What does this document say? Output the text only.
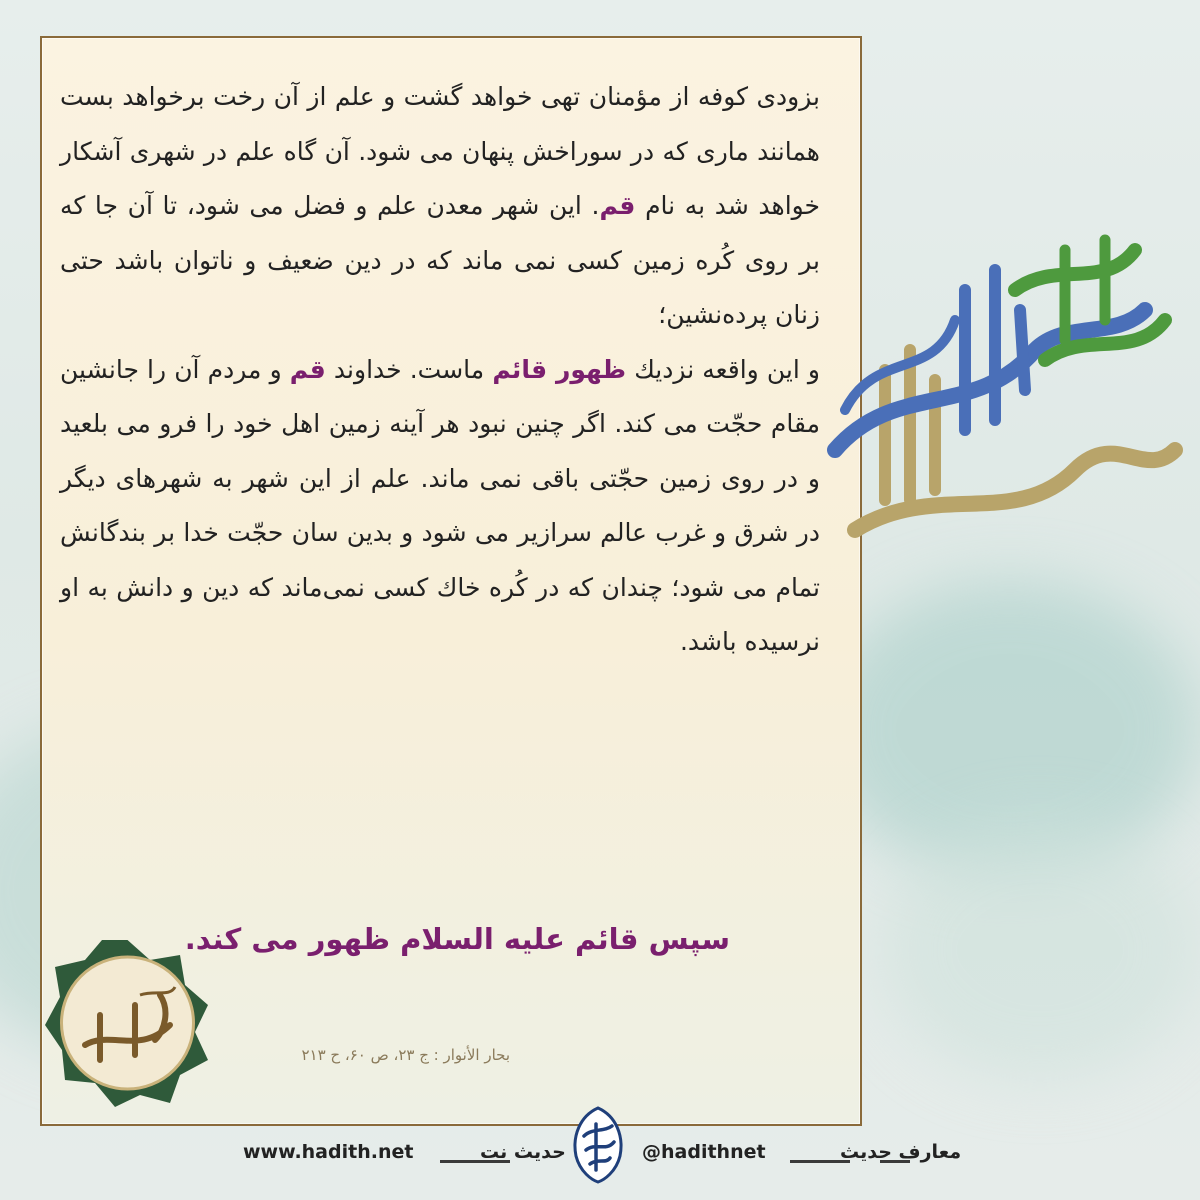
بزودی کوفه از مؤمنان تهی خواهد گشت و علم از آن رخت برخواهد بست همانند ماری که در سوراخش پنهان می شود. آن گاه علم در شهری آشکار خواهد شد به نام قم. این شهر معدن علم و فضل می شود، تا آن جا که بر روی کُره زمین کسی نمی ماند که در دین ضعیف و ناتوان باشد حتی زنان پرده‌نشین؛
و این واقعه نزدیك ظهور قائم ماست. خداوند قم و مردم آن را جانشین مقام حجّت می کند. اگر چنین نبود هر آینه زمین اهل خود را فرو می بلعید و در روی زمین حجّتی باقی نمی ماند. علم از این شهر به شهرهای دیگر در شرق و غرب عالم سرازیر می شود و بدین سان حجّت خدا بر بندگانش تمام می شود؛ چندان که در کُره خاك کسی نمی‌ماند که دین و دانش به او نرسیده باشد.
سپس قائم علیه السلام ظهور می کند.
بحار الأنوار : ج ۲۳، ص ۶۰، ح ۲۱۳
معارف حدیث
@hadithnet
حدیث نت
www.hadith.net
